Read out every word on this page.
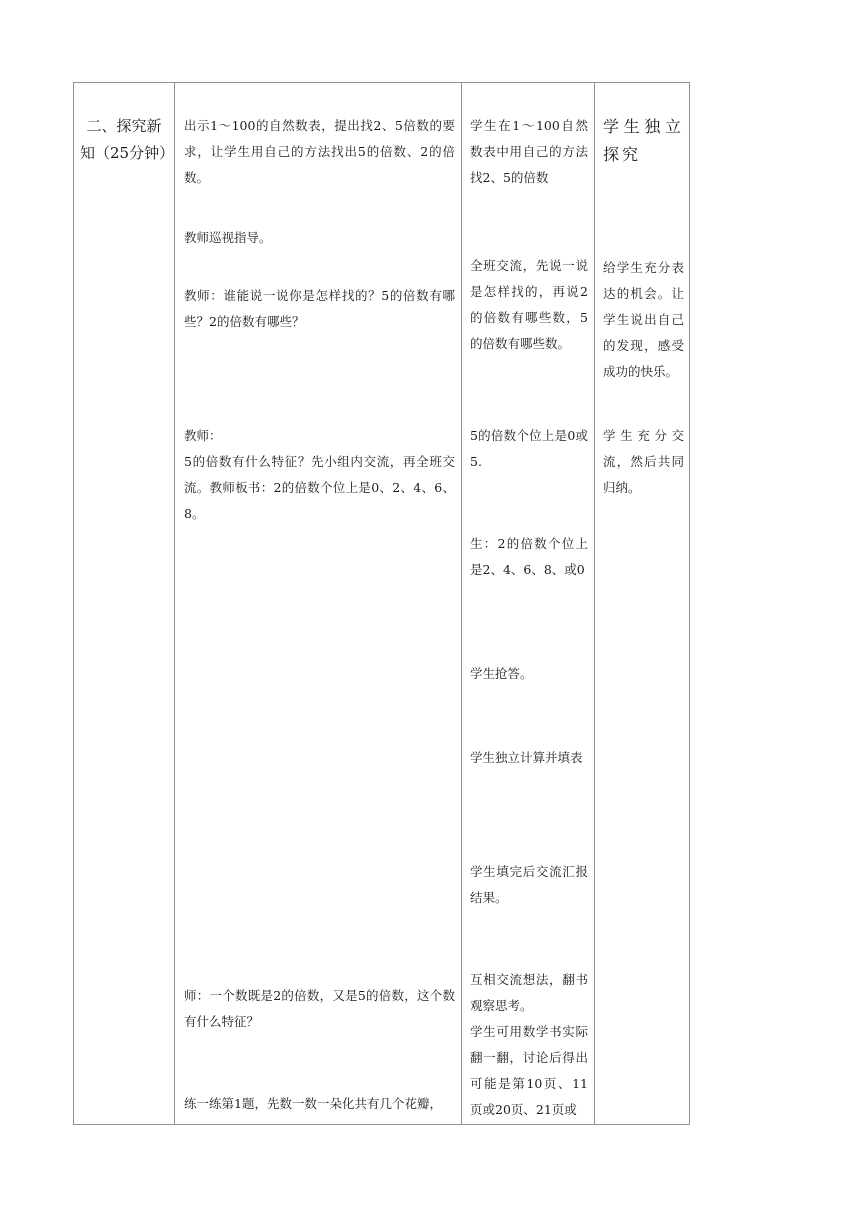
二、探究新知（25分钟）

出示1～100的自然数表，提出找2、5倍数的要求，让学生用自己的方法找出5的倍数、2的倍数。

教师巡视指导。

教师：谁能说一说你是怎样找的？5的倍数有哪些？2的倍数有哪些？

教师：

5的倍数有什么特征？先小组内交流，再全班交流。教师板书：2的倍数个位上是0、2、4、6、8。

师：一个数既是2的倍数，又是5的倍数，这个数有什么特征？

练一练第1题，先数一数一朵化共有几个花瓣，

学生在1～100自然数表中用自己的方法找2、5的倍数

全班交流，先说一说是怎样找的，再说2的倍数有哪些数，5的倍数有哪些数。

5的倍数个位上是0或5.

生：2的倍数个位上是2、4、6、8、或0

学生抢答。

学生独立计算并填表

学生填完后交流汇报结果。

互相交流想法，翻书观察思考。

学生可用数学书实际翻一翻，讨论后得出可能是第10页、11页或20页、21页或

学生独立探究

给学生充分表达的机会。让学生说出自己的发现，感受成功的快乐。

学生充分交流，然后共同归纳。
